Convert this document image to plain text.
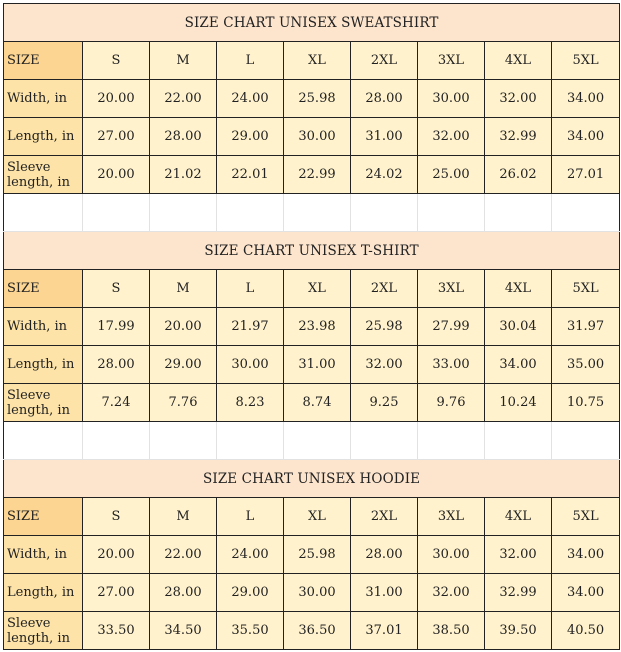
SIZE CHART UNISEX SWEATSHIRT								
SIZE	S	M	L	XL	2XL	3XL	4XL	5XL
Width, in	20.00	22.00	24.00	25.98	28.00	30.00	32.00	34.00
Length, in	27.00	28.00	29.00	30.00	31.00	32.00	32.99	34.00
Sleeve length, in	20.00	21.02	22.01	22.99	24.02	25.00	26.02	27.01

SIZE CHART UNISEX T-SHIRT								
SIZE	S	M	L	XL	2XL	3XL	4XL	5XL
Width, in	17.99	20.00	21.97	23.98	25.98	27.99	30.04	31.97
Length, in	28.00	29.00	30.00	31.00	32.00	33.00	34.00	35.00
Sleeve length, in	7.24	7.76	8.23	8.74	9.25	9.76	10.24	10.75

SIZE CHART UNISEX HOODIE								
SIZE	S	M	L	XL	2XL	3XL	4XL	5XL
Width, in	20.00	22.00	24.00	25.98	28.00	30.00	32.00	34.00
Length, in	27.00	28.00	29.00	30.00	31.00	32.00	32.99	34.00
Sleeve length, in	33.50	34.50	35.50	36.50	37.01	38.50	39.50	40.50
